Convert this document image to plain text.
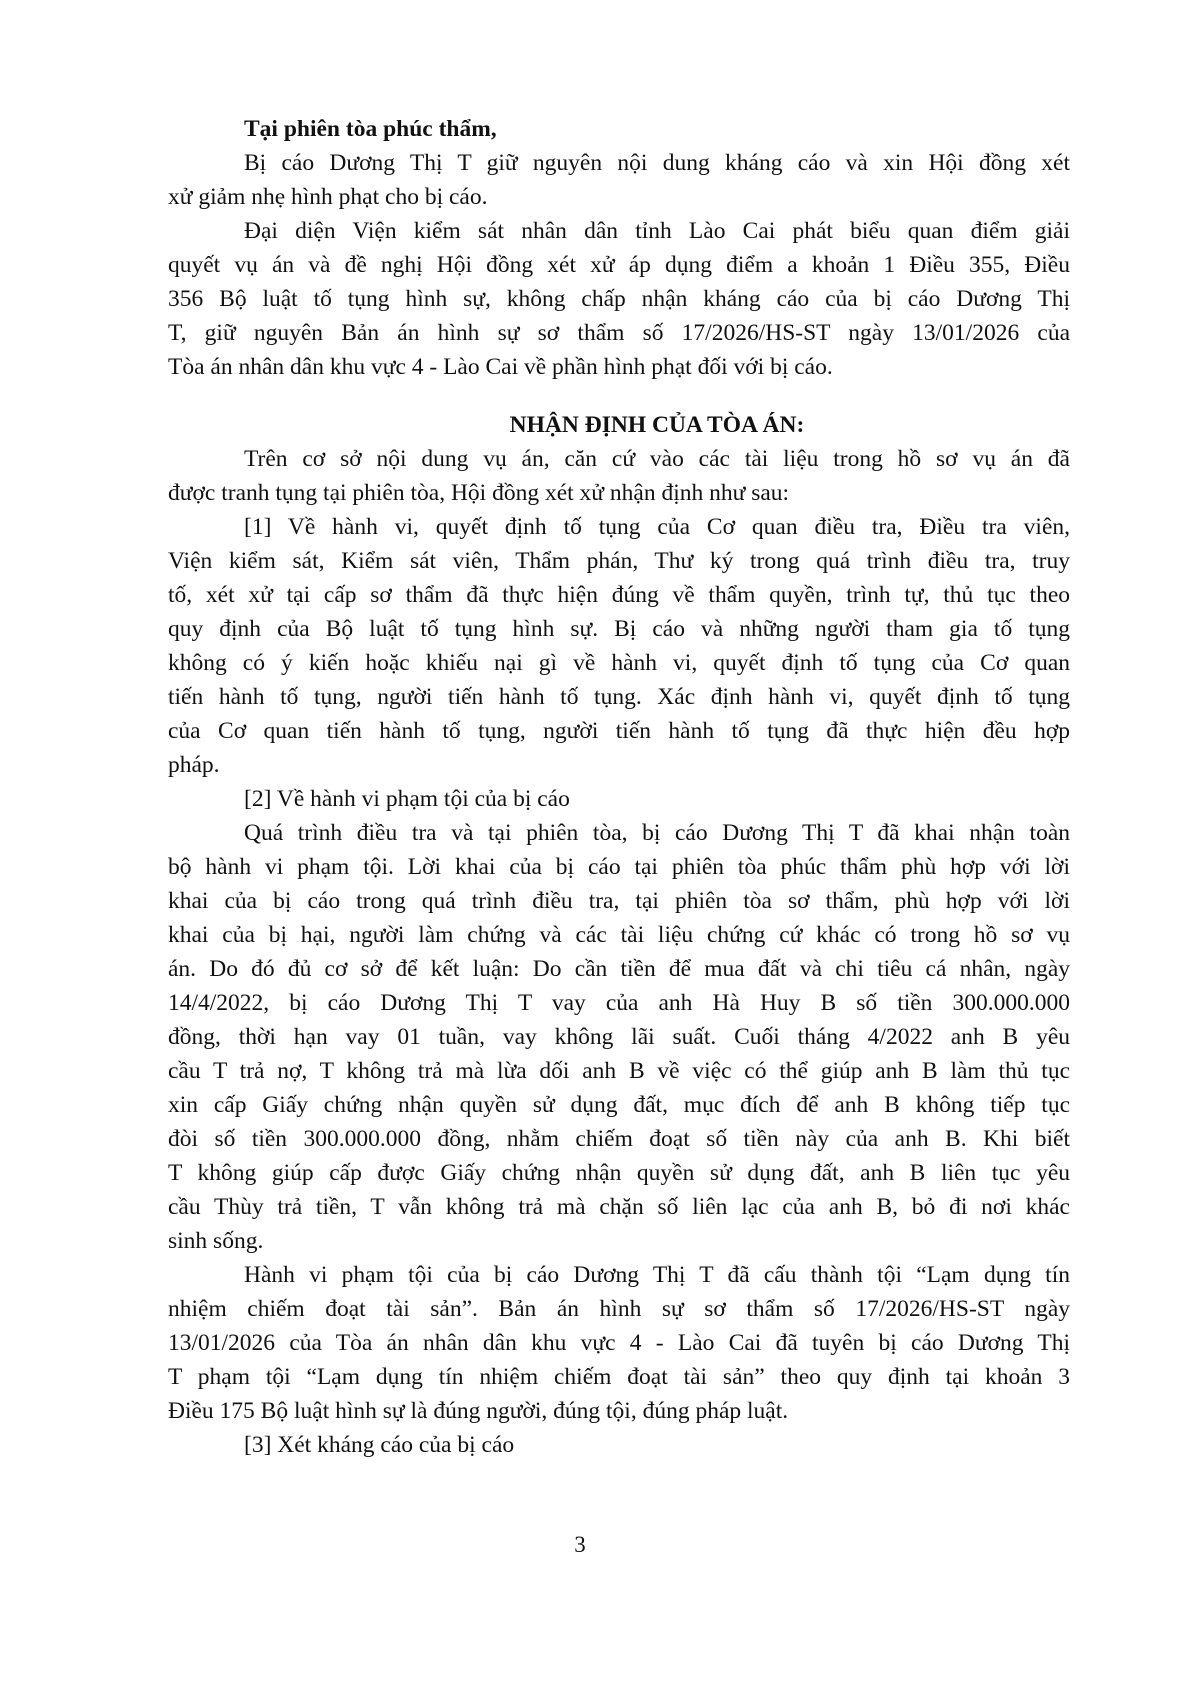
Tại phiên tòa phúc thẩm,
Bị cáo Dương Thị T giữ nguyên nội dung kháng cáo và xin Hội đồng xét
xử giảm nhẹ hình phạt cho bị cáo.
Đại diện Viện kiểm sát nhân dân tỉnh Lào Cai phát biểu quan điểm giải
quyết vụ án và đề nghị Hội đồng xét xử áp dụng điểm a khoản 1 Điều 355, Điều
356 Bộ luật tố tụng hình sự, không chấp nhận kháng cáo của bị cáo Dương Thị
T, giữ nguyên Bản án hình sự sơ thẩm số 17/2026/HS-ST ngày 13/01/2026 của
Tòa án nhân dân khu vực 4 - Lào Cai về phần hình phạt đối với bị cáo.
NHẬN ĐỊNH CỦA TÒA ÁN:
Trên cơ sở nội dung vụ án, căn cứ vào các tài liệu trong hồ sơ vụ án đã
được tranh tụng tại phiên tòa, Hội đồng xét xử nhận định như sau:
[1] Về hành vi, quyết định tố tụng của Cơ quan điều tra, Điều tra viên,
Viện kiểm sát, Kiểm sát viên, Thẩm phán, Thư ký trong quá trình điều tra, truy
tố, xét xử tại cấp sơ thẩm đã thực hiện đúng về thẩm quyền, trình tự, thủ tục theo
quy định của Bộ luật tố tụng hình sự. Bị cáo và những người tham gia tố tụng
không có ý kiến hoặc khiếu nại gì về hành vi, quyết định tố tụng của Cơ quan
tiến hành tố tụng, người tiến hành tố tụng. Xác định hành vi, quyết định tố tụng
của Cơ quan tiến hành tố tụng, người tiến hành tố tụng đã thực hiện đều hợp
pháp.
[2] Về hành vi phạm tội của bị cáo
Quá trình điều tra và tại phiên tòa, bị cáo Dương Thị T đã khai nhận toàn
bộ hành vi phạm tội. Lời khai của bị cáo tại phiên tòa phúc thẩm phù hợp với lời
khai của bị cáo trong quá trình điều tra, tại phiên tòa sơ thẩm, phù hợp với lời
khai của bị hại, người làm chứng và các tài liệu chứng cứ khác có trong hồ sơ vụ
án. Do đó đủ cơ sở để kết luận: Do cần tiền để mua đất và chi tiêu cá nhân, ngày
14/4/2022, bị cáo Dương Thị T vay của anh Hà Huy B số tiền 300.000.000
đồng, thời hạn vay 01 tuần, vay không lãi suất. Cuối tháng 4/2022 anh B yêu
cầu T trả nợ, T không trả mà lừa dối anh B về việc có thể giúp anh B làm thủ tục
xin cấp Giấy chứng nhận quyền sử dụng đất, mục đích để anh B không tiếp tục
đòi số tiền 300.000.000 đồng, nhằm chiếm đoạt số tiền này của anh B. Khi biết
T không giúp cấp được Giấy chứng nhận quyền sử dụng đất, anh B liên tục yêu
cầu Thùy trả tiền, T vẫn không trả mà chặn số liên lạc của anh B, bỏ đi nơi khác
sinh sống.
Hành vi phạm tội của bị cáo Dương Thị T đã cấu thành tội “Lạm dụng tín
nhiệm chiếm đoạt tài sản”. Bản án hình sự sơ thẩm số 17/2026/HS-ST ngày
13/01/2026 của Tòa án nhân dân khu vực 4 - Lào Cai đã tuyên bị cáo Dương Thị
T phạm tội “Lạm dụng tín nhiệm chiếm đoạt tài sản” theo quy định tại khoản 3
Điều 175 Bộ luật hình sự là đúng người, đúng tội, đúng pháp luật.
[3] Xét kháng cáo của bị cáo
3
